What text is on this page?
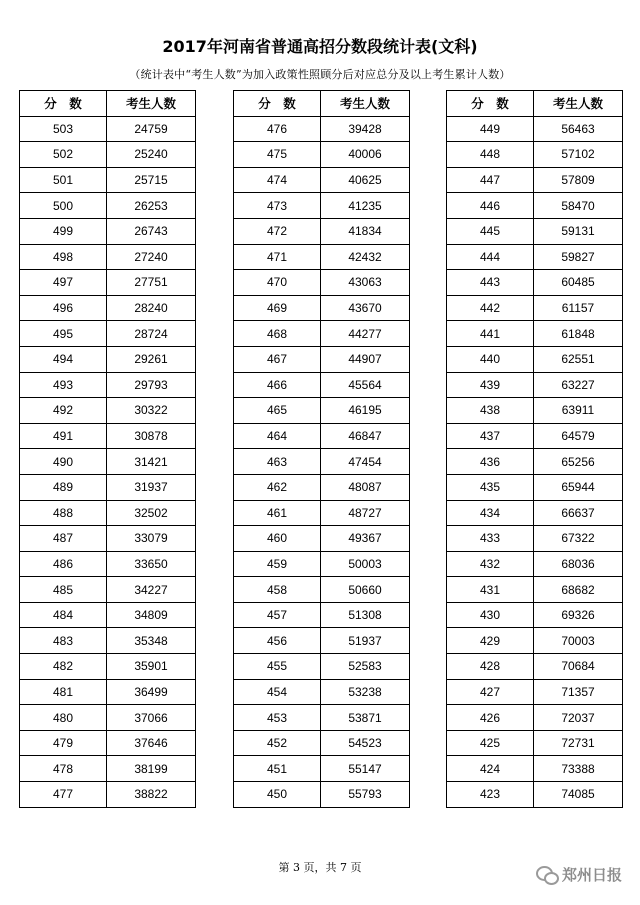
2017年河南省普通高招分数段统计表(文科)
（统计表中“考生人数”为加入政策性照顾分后对应总分及以上考生累计人数）
分　数	考生人数
503	24759
502	25240
501	25715
500	26253
499	26743
498	27240
497	27751
496	28240
495	28724
494	29261
493	29793
492	30322
491	30878
490	31421
489	31937
488	32502
487	33079
486	33650
485	34227
484	34809
483	35348
482	35901
481	36499
480	37066
479	37646
478	38199
477	38822
分　数	考生人数
476	39428
475	40006
474	40625
473	41235
472	41834
471	42432
470	43063
469	43670
468	44277
467	44907
466	45564
465	46195
464	46847
463	47454
462	48087
461	48727
460	49367
459	50003
458	50660
457	51308
456	51937
455	52583
454	53238
453	53871
452	54523
451	55147
450	55793
分　数	考生人数
449	56463
448	57102
447	57809
446	58470
445	59131
444	59827
443	60485
442	61157
441	61848
440	62551
439	63227
438	63911
437	64579
436	65256
435	65944
434	66637
433	67322
432	68036
431	68682
430	69326
429	70003
428	70684
427	71357
426	72037
425	72731
424	73388
423	74085
第 3 页，共 7 页	郑州日报
